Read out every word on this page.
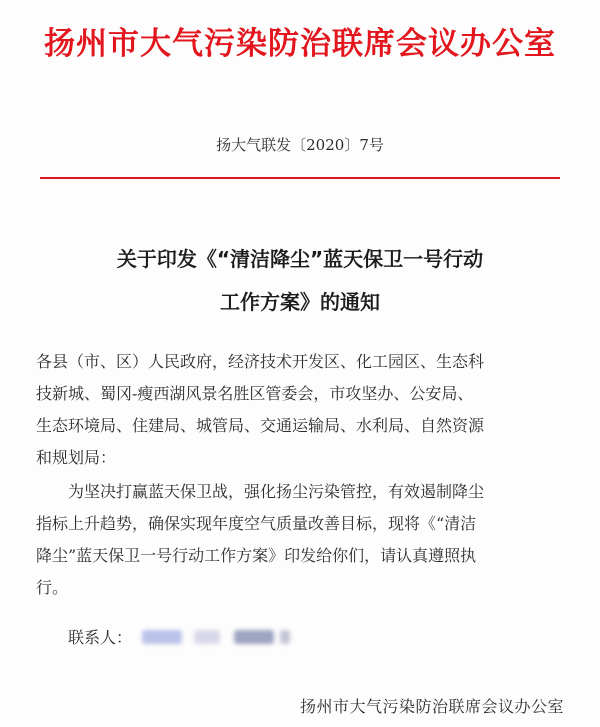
扬州市大气污染防治联席会议办公室
扬大气联发〔2020〕7号
关于印发《“清洁降尘”蓝天保卫一号行动
工作方案》的通知
各县（市、区）人民政府，经济技术开发区、化工园区、生态科
技新城、蜀冈-瘦西湖风景名胜区管委会，市攻坚办、公安局、
生态环境局、住建局、城管局、交通运输局、水利局、自然资源
和规划局：
为坚决打赢蓝天保卫战，强化扬尘污染管控，有效遏制降尘
指标上升趋势，确保实现年度空气质量改善目标，现将《“清洁
降尘”蓝天保卫一号行动工作方案》印发给你们，请认真遵照执
行。
联系人：
扬州市大气污染防治联席会议办公室
